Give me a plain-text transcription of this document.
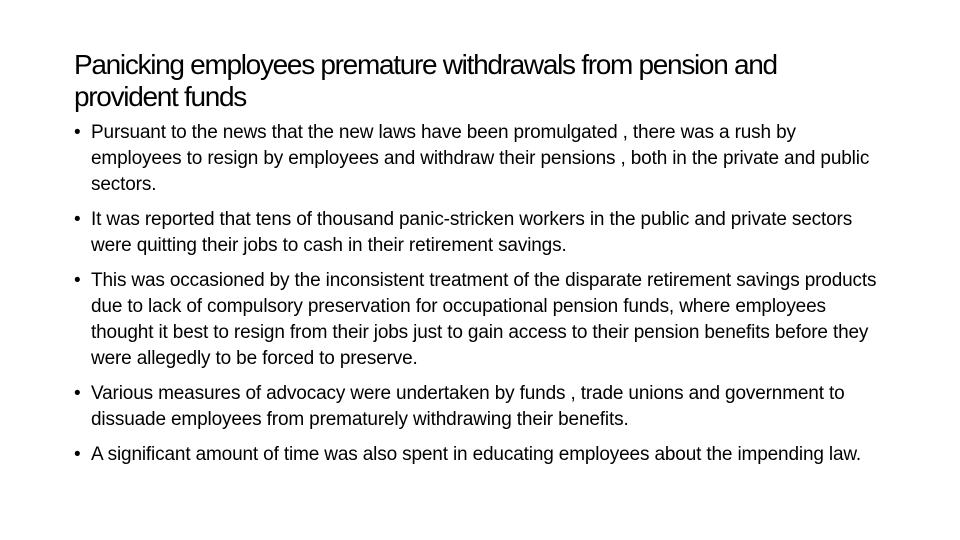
Panicking employees premature withdrawals from pension and provident funds
• Pursuant to the news that the new laws have been promulgated , there was a rush by employees to resign by employees and withdraw their pensions , both in the private and public sectors.
• It was reported that tens of thousand panic-stricken workers in the public and private sectors were quitting their jobs to cash in their retirement savings.
• This was occasioned by the inconsistent treatment of the disparate retirement savings products due to lack of compulsory preservation for occupational pension funds, where employees thought it best to resign from their jobs just to gain access to their pension benefits before they were allegedly to be forced to preserve.
• Various measures of advocacy were undertaken by funds , trade unions and government to dissuade employees from prematurely withdrawing their benefits.
• A significant amount of time was also spent in educating employees about the impending law.
